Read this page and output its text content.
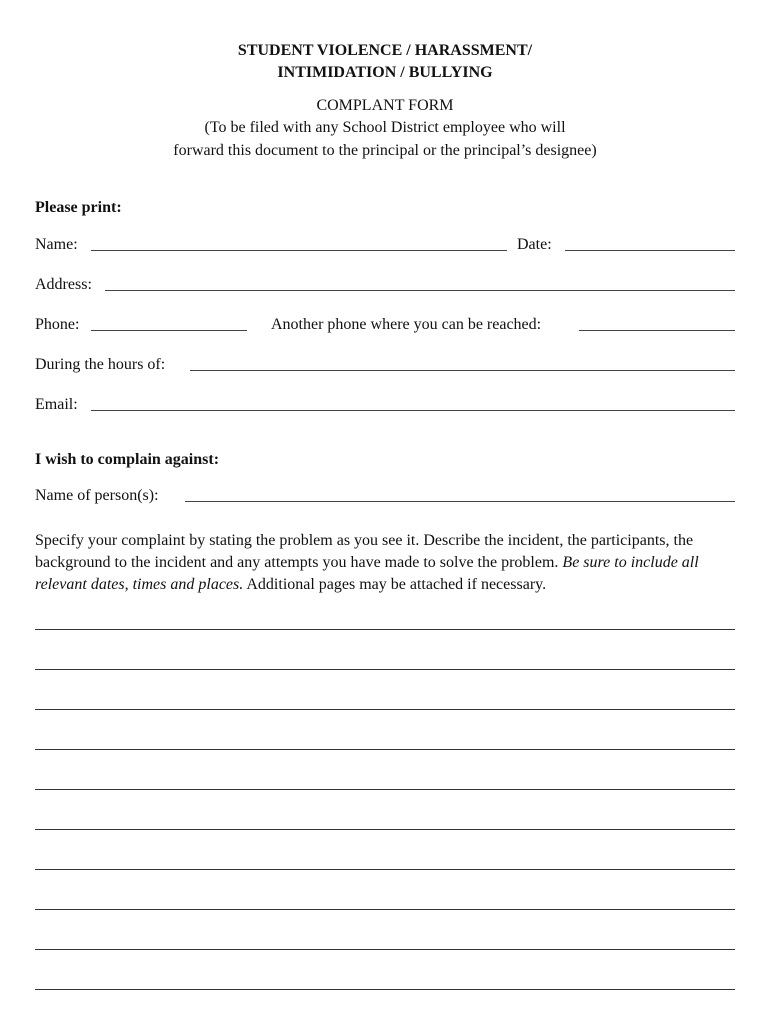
STUDENT VIOLENCE / HARASSMENT/
INTIMIDATION / BULLYING
COMPLANT FORM
(To be filed with any School District employee who will
forward this document to the principal or the principal’s designee)
Please print:
Name:	Date:
Address:
Phone:	Another phone where you can be reached:
During the hours of:
Email:
I wish to complain against:
Name of person(s):
Specify your complaint by stating the problem as you see it. Describe the incident, the participants, the background to the incident and any attempts you have made to solve the problem. Be sure to include all relevant dates, times and places. Additional pages may be attached if necessary.
